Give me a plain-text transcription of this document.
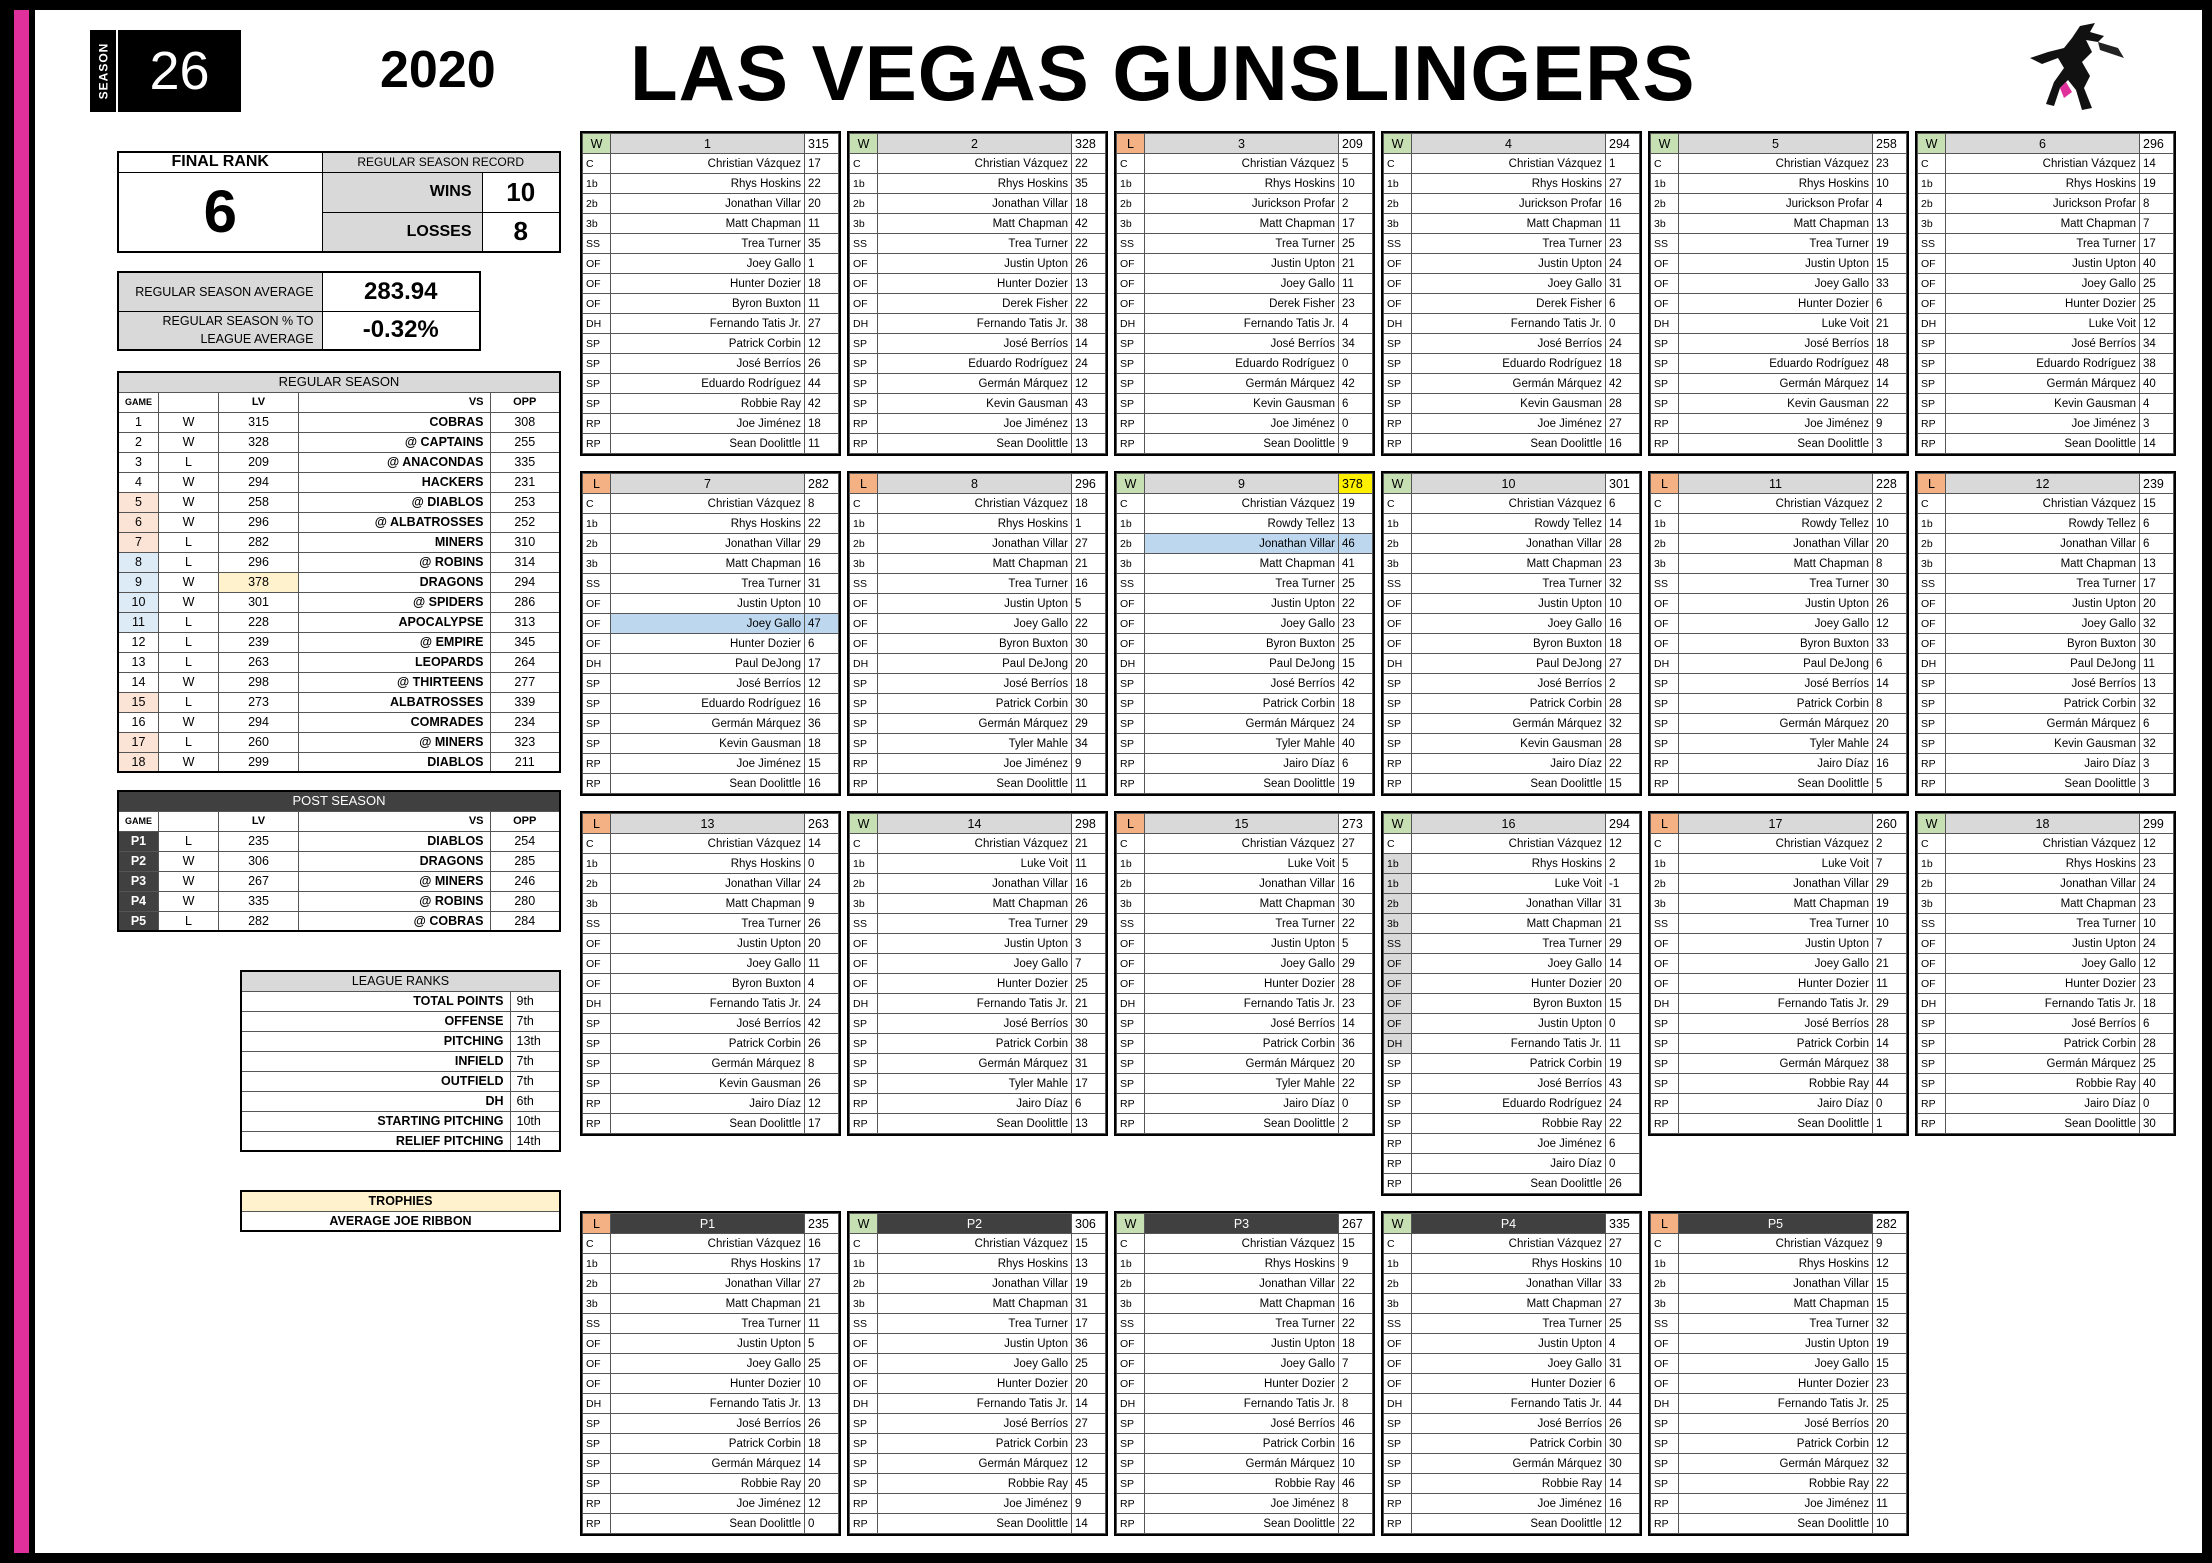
SEASON 26	2020 LAS VEGAS GUNSLINGERS
FINAL RANK	REGULAR SEASON RECORD	
6	WINS	10
	LOSSES	8
REGULAR SEASON AVERAGE	283.94
REGULAR SEASON % TO LEAGUE AVERAGE	-0.32%
REGULAR SEASON				
GAME		LV	VS	OPP
1	W	315	COBRAS	308
2	W	328	@ CAPTAINS	255
3	L	209	@ ANACONDAS	335
4	W	294	HACKERS	231
5	W	258	@ DIABLOS	253
6	W	296	@ ALBATROSSES	252
7	L	282	MINERS	310
8	L	296	@ ROBINS	314
9	W	378	DRAGONS	294
10	W	301	@ SPIDERS	286
11	L	228	APOCALYPSE	313
12	L	239	@ EMPIRE	345
13	L	263	LEOPARDS	264
14	W	298	@ THIRTEENS	277
15	L	273	ALBATROSSES	339
16	W	294	COMRADES	234
17	L	260	@ MINERS	323
18	W	299	DIABLOS	211
POST SEASON				
GAME		LV	VS	OPP
P1	L	235	DIABLOS	254
P2	W	306	DRAGONS	285
P3	W	267	@ MINERS	246
P4	W	335	@ ROBINS	280
P5	L	282	@ COBRAS	284
LEAGUE RANKS	
TOTAL POINTS	9th
OFFENSE	7th
PITCHING	13th
INFIELD	7th
OUTFIELD	7th
DH	6th
STARTING PITCHING	10th
RELIEF PITCHING	14th
TROPHIES
AVERAGE JOE RIBBON
W	1	315
C	Christian Vázquez	17
1b	Rhys Hoskins	22
2b	Jonathan Villar	20
3b	Matt Chapman	11
SS	Trea Turner	35
OF	Joey Gallo	1
OF	Hunter Dozier	18
OF	Byron Buxton	11
DH	Fernando Tatis Jr.	27
SP	Patrick Corbin	12
SP	José Berríos	26
SP	Eduardo Rodríguez	44
SP	Robbie Ray	42
RP	Joe Jiménez	18
RP	Sean Doolittle	11
W	2	328
C	Christian Vázquez	22
1b	Rhys Hoskins	35
2b	Jonathan Villar	18
3b	Matt Chapman	42
SS	Trea Turner	22
OF	Justin Upton	26
OF	Hunter Dozier	13
OF	Derek Fisher	22
DH	Fernando Tatis Jr.	38
SP	José Berríos	14
SP	Eduardo Rodríguez	24
SP	Germán Márquez	12
SP	Kevin Gausman	43
RP	Joe Jiménez	13
RP	Sean Doolittle	13
L	3	209
C	Christian Vázquez	5
1b	Rhys Hoskins	10
2b	Jurickson Profar	2
3b	Matt Chapman	17
SS	Trea Turner	25
OF	Justin Upton	21
OF	Joey Gallo	11
OF	Derek Fisher	23
DH	Fernando Tatis Jr.	4
SP	José Berríos	34
SP	Eduardo Rodríguez	0
SP	Germán Márquez	42
SP	Kevin Gausman	6
RP	Joe Jiménez	0
RP	Sean Doolittle	9
W	4	294
C	Christian Vázquez	1
1b	Rhys Hoskins	27
2b	Jurickson Profar	16
3b	Matt Chapman	11
SS	Trea Turner	23
OF	Justin Upton	24
OF	Joey Gallo	31
OF	Derek Fisher	6
DH	Fernando Tatis Jr.	0
SP	José Berríos	24
SP	Eduardo Rodríguez	18
SP	Germán Márquez	42
SP	Kevin Gausman	28
RP	Joe Jiménez	27
RP	Sean Doolittle	16
W	5	258
C	Christian Vázquez	23
1b	Rhys Hoskins	10
2b	Jurickson Profar	4
3b	Matt Chapman	13
SS	Trea Turner	19
OF	Justin Upton	15
OF	Joey Gallo	33
OF	Hunter Dozier	6
DH	Luke Voit	21
SP	José Berríos	18
SP	Eduardo Rodríguez	48
SP	Germán Márquez	14
SP	Kevin Gausman	22
RP	Joe Jiménez	9
RP	Sean Doolittle	3
W	6	296
C	Christian Vázquez	14
1b	Rhys Hoskins	19
2b	Jurickson Profar	8
3b	Matt Chapman	7
SS	Trea Turner	17
OF	Justin Upton	40
OF	Joey Gallo	25
OF	Hunter Dozier	25
DH	Luke Voit	12
SP	José Berríos	34
SP	Eduardo Rodríguez	38
SP	Germán Márquez	40
SP	Kevin Gausman	4
RP	Joe Jiménez	3
RP	Sean Doolittle	14
L	7	282
C	Christian Vázquez	8
1b	Rhys Hoskins	22
2b	Jonathan Villar	29
3b	Matt Chapman	16
SS	Trea Turner	31
OF	Justin Upton	10
OF	Joey Gallo	47
OF	Hunter Dozier	6
DH	Paul DeJong	17
SP	José Berríos	12
SP	Eduardo Rodríguez	16
SP	Germán Márquez	36
SP	Kevin Gausman	18
RP	Joe Jiménez	15
RP	Sean Doolittle	16
L	8	296
C	Christian Vázquez	18
1b	Rhys Hoskins	1
2b	Jonathan Villar	27
3b	Matt Chapman	21
SS	Trea Turner	16
OF	Justin Upton	5
OF	Joey Gallo	22
OF	Byron Buxton	30
DH	Paul DeJong	20
SP	José Berríos	18
SP	Patrick Corbin	30
SP	Germán Márquez	29
SP	Tyler Mahle	34
RP	Joe Jiménez	9
RP	Sean Doolittle	11
W	9	378
C	Christian Vázquez	19
1b	Rowdy Tellez	13
2b	Jonathan Villar	46
3b	Matt Chapman	41
SS	Trea Turner	25
OF	Justin Upton	22
OF	Joey Gallo	23
OF	Byron Buxton	25
DH	Paul DeJong	15
SP	José Berríos	42
SP	Patrick Corbin	18
SP	Germán Márquez	24
SP	Tyler Mahle	40
RP	Jairo Díaz	6
RP	Sean Doolittle	19
W	10	301
C	Christian Vázquez	6
1b	Rowdy Tellez	14
2b	Jonathan Villar	28
3b	Matt Chapman	23
SS	Trea Turner	32
OF	Justin Upton	10
OF	Joey Gallo	16
OF	Byron Buxton	18
DH	Paul DeJong	27
SP	José Berríos	2
SP	Patrick Corbin	28
SP	Germán Márquez	32
SP	Kevin Gausman	28
RP	Jairo Díaz	22
RP	Sean Doolittle	15
L	11	228
C	Christian Vázquez	2
1b	Rowdy Tellez	10
2b	Jonathan Villar	20
3b	Matt Chapman	8
SS	Trea Turner	30
OF	Justin Upton	26
OF	Joey Gallo	12
OF	Byron Buxton	33
DH	Paul DeJong	6
SP	José Berríos	14
SP	Patrick Corbin	8
SP	Germán Márquez	20
SP	Tyler Mahle	24
RP	Jairo Díaz	16
RP	Sean Doolittle	5
L	12	239
C	Christian Vázquez	15
1b	Rowdy Tellez	6
2b	Jonathan Villar	6
3b	Matt Chapman	13
SS	Trea Turner	17
OF	Justin Upton	20
OF	Joey Gallo	32
OF	Byron Buxton	30
DH	Paul DeJong	11
SP	José Berríos	13
SP	Patrick Corbin	32
SP	Germán Márquez	6
SP	Kevin Gausman	32
RP	Jairo Díaz	3
RP	Sean Doolittle	3
L	13	263
C	Christian Vázquez	14
1b	Rhys Hoskins	0
2b	Jonathan Villar	24
3b	Matt Chapman	9
SS	Trea Turner	26
OF	Justin Upton	20
OF	Joey Gallo	11
OF	Byron Buxton	4
DH	Fernando Tatis Jr.	24
SP	José Berríos	42
SP	Patrick Corbin	26
SP	Germán Márquez	8
SP	Kevin Gausman	26
RP	Jairo Díaz	12
RP	Sean Doolittle	17
W	14	298
C	Christian Vázquez	21
1b	Luke Voit	11
2b	Jonathan Villar	16
3b	Matt Chapman	26
SS	Trea Turner	29
OF	Justin Upton	3
OF	Joey Gallo	7
OF	Hunter Dozier	25
DH	Fernando Tatis Jr.	21
SP	José Berríos	30
SP	Patrick Corbin	38
SP	Germán Márquez	31
SP	Tyler Mahle	17
RP	Jairo Díaz	6
RP	Sean Doolittle	13
L	15	273
C	Christian Vázquez	27
1b	Luke Voit	5
2b	Jonathan Villar	16
3b	Matt Chapman	30
SS	Trea Turner	22
OF	Justin Upton	5
OF	Joey Gallo	29
OF	Hunter Dozier	28
DH	Fernando Tatis Jr.	23
SP	José Berríos	14
SP	Patrick Corbin	36
SP	Germán Márquez	20
SP	Tyler Mahle	22
RP	Jairo Díaz	0
RP	Sean Doolittle	2
W	16	294
C	Christian Vázquez	12
1b	Rhys Hoskins	2
1b	Luke Voit	-1
2b	Jonathan Villar	31
3b	Matt Chapman	21
SS	Trea Turner	29
OF	Joey Gallo	14
OF	Hunter Dozier	20
OF	Byron Buxton	15
OF	Justin Upton	0
DH	Fernando Tatis Jr.	11
SP	Patrick Corbin	19
SP	José Berríos	43
SP	Eduardo Rodríguez	24
SP	Robbie Ray	22
RP	Joe Jiménez	6
RP	Jairo Díaz	0
RP	Sean Doolittle	26
L	17	260
C	Christian Vázquez	2
1b	Luke Voit	7
2b	Jonathan Villar	29
3b	Matt Chapman	19
SS	Trea Turner	10
OF	Justin Upton	7
OF	Joey Gallo	21
OF	Hunter Dozier	11
DH	Fernando Tatis Jr.	29
SP	José Berríos	28
SP	Patrick Corbin	14
SP	Germán Márquez	38
SP	Robbie Ray	44
RP	Jairo Díaz	0
RP	Sean Doolittle	1
W	18	299
C	Christian Vázquez	12
1b	Rhys Hoskins	23
2b	Jonathan Villar	24
3b	Matt Chapman	23
SS	Trea Turner	10
OF	Justin Upton	24
OF	Joey Gallo	12
OF	Hunter Dozier	23
DH	Fernando Tatis Jr.	18
SP	José Berríos	6
SP	Patrick Corbin	28
SP	Germán Márquez	25
SP	Robbie Ray	40
RP	Jairo Díaz	0
RP	Sean Doolittle	30
L	P1	235
C	Christian Vázquez	16
1b	Rhys Hoskins	17
2b	Jonathan Villar	27
3b	Matt Chapman	21
SS	Trea Turner	11
OF	Justin Upton	5
OF	Joey Gallo	25
OF	Hunter Dozier	10
DH	Fernando Tatis Jr.	13
SP	José Berríos	26
SP	Patrick Corbin	18
SP	Germán Márquez	14
SP	Robbie Ray	20
RP	Joe Jiménez	12
RP	Sean Doolittle	0
W	P2	306
C	Christian Vázquez	15
1b	Rhys Hoskins	13
2b	Jonathan Villar	19
3b	Matt Chapman	31
SS	Trea Turner	17
OF	Justin Upton	36
OF	Joey Gallo	25
OF	Hunter Dozier	20
DH	Fernando Tatis Jr.	14
SP	José Berríos	27
SP	Patrick Corbin	23
SP	Germán Márquez	12
SP	Robbie Ray	45
RP	Joe Jiménez	9
RP	Sean Doolittle	14
W	P3	267
C	Christian Vázquez	15
1b	Rhys Hoskins	9
2b	Jonathan Villar	22
3b	Matt Chapman	16
SS	Trea Turner	22
OF	Justin Upton	18
OF	Joey Gallo	7
OF	Hunter Dozier	2
DH	Fernando Tatis Jr.	8
SP	José Berríos	46
SP	Patrick Corbin	16
SP	Germán Márquez	10
SP	Robbie Ray	46
RP	Joe Jiménez	8
RP	Sean Doolittle	22
W	P4	335
C	Christian Vázquez	27
1b	Rhys Hoskins	10
2b	Jonathan Villar	33
3b	Matt Chapman	27
SS	Trea Turner	25
OF	Justin Upton	4
OF	Joey Gallo	31
OF	Hunter Dozier	6
DH	Fernando Tatis Jr.	44
SP	José Berríos	26
SP	Patrick Corbin	30
SP	Germán Márquez	30
SP	Robbie Ray	14
RP	Joe Jiménez	16
RP	Sean Doolittle	12
L	P5	282
C	Christian Vázquez	9
1b	Rhys Hoskins	12
2b	Jonathan Villar	15
3b	Matt Chapman	15
SS	Trea Turner	32
OF	Justin Upton	19
OF	Joey Gallo	15
OF	Hunter Dozier	23
DH	Fernando Tatis Jr.	25
SP	José Berríos	20
SP	Patrick Corbin	12
SP	Germán Márquez	32
SP	Robbie Ray	22
RP	Joe Jiménez	11
RP	Sean Doolittle	10
